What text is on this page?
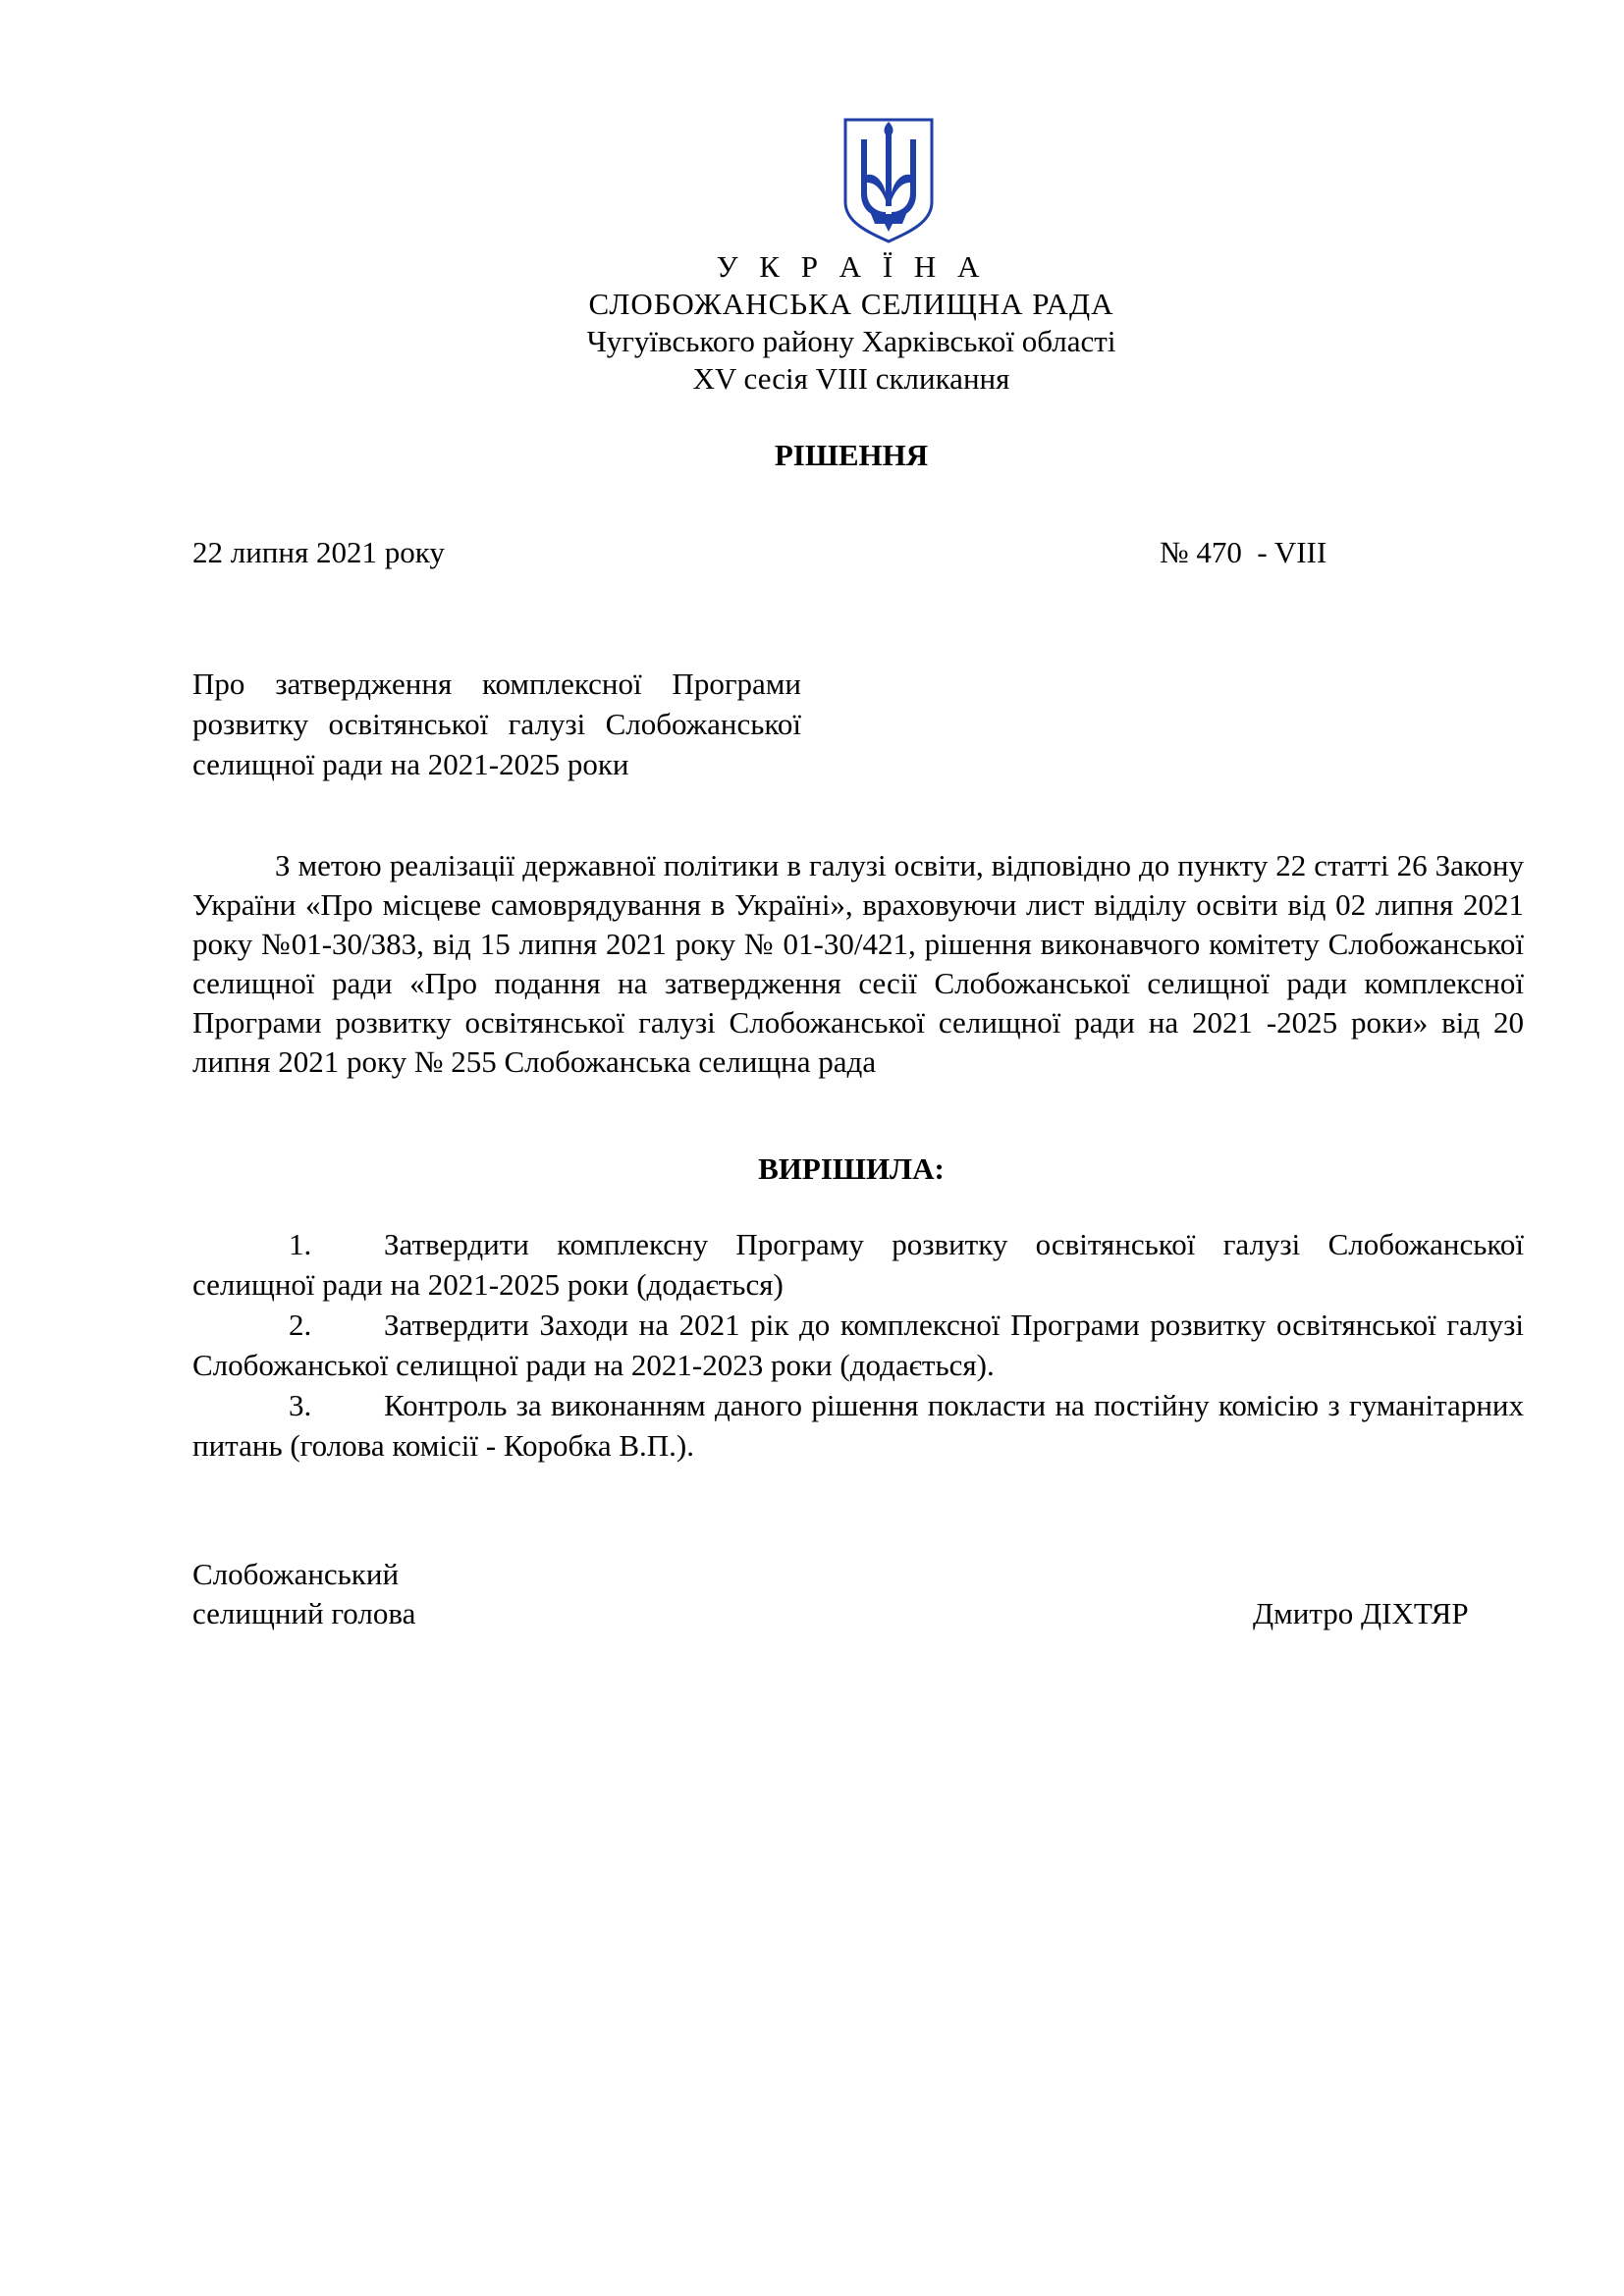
У К Р А Ї Н А
СЛОБОЖАНСЬКА СЕЛИЩНА РАДА
Чугуївського району Харківської області
XV сесія VIII скликання
РІШЕННЯ
22 липня 2021 року	№ 470  - VIII
Про затвердження комплексної Програми розвитку освітянської галузі Слобожанської селищної ради на 2021-2025 роки
З метою реалізації державної політики в галузі освіти, відповідно до пункту 22 статті 26 Закону України «Про місцеве самоврядування в Україні», враховуючи лист відділу освіти від 02 липня 2021 року №01-30/383, від 15 липня 2021 року № 01-30/421, рішення виконавчого комітету Слобожанської селищної ради «Про подання на затвердження сесії Слобожанської селищної ради комплексної Програми розвитку освітянської галузі Слобожанської селищної ради на 2021 -2025 роки» від 20 липня 2021 року № 255 Слобожанська селищна рада
ВИРІШИЛА:

1. Затвердити комплексну Програму розвитку освітянської галузі Слобожанської селищної ради на 2021-2025 роки (додається)

2. Затвердити Заходи на 2021 рік до комплексної Програми розвитку освітянської галузі Слобожанської селищної ради на 2021-2023 роки (додається).

3. Контроль за виконанням даного рішення покласти на постійну комісію з гуманітарних питань (голова комісії - Коробка В.П.).

Слобожанський
селищний голова	Дмитро ДІХТЯР
